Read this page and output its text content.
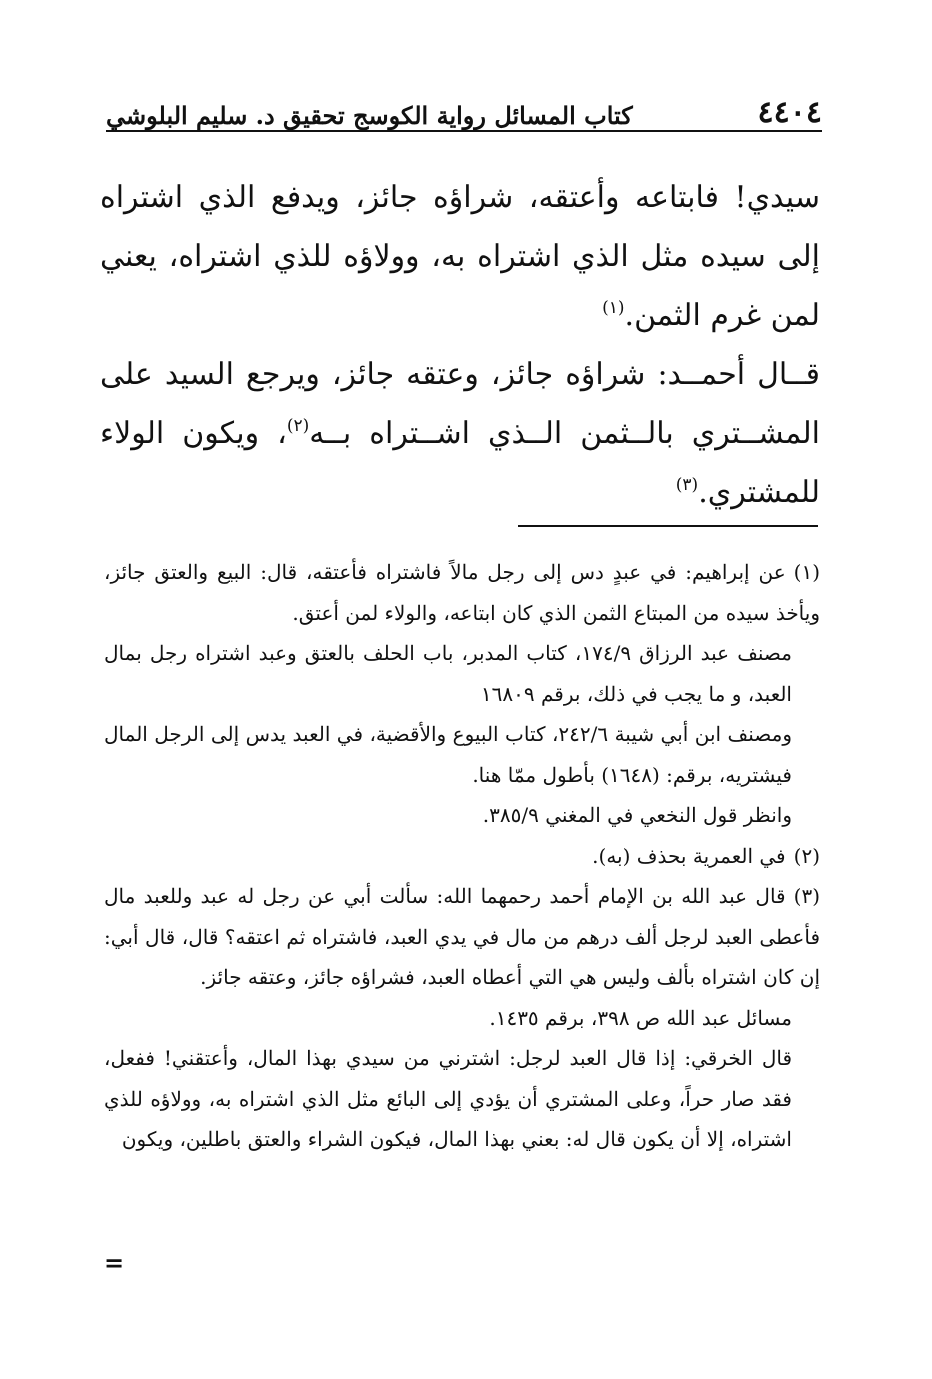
٤٤٠٤
كتاب المسائل رواية الكوسج تحقيق د. سليم البلوشي

سيدي! فابتاعه وأعتقه، شراؤه جائز، ويدفع الذي اشتراه إلى سيده مثل الذي اشتراه به، وولاؤه للذي اشتراه، يعني لمن غرم الثمن.$^{(١)}$

قــال أحمــد: شراؤه جائز، وعتقه جائز، ويرجع السيد على المشــتري بالــثمن الــذي اشــتراه بــه$^{(٢)}$، ويكون الولاء للمشتري.$^{(٣)}$

(١)عن إبراهيم: في عبدٍ دس إلى رجل مالاً فاشتراه فأعتقه، قال: البيع والعتق جائز، ويأخذ سيده من المبتاع الثمن الذي كان ابتاعه، والولاء لمن أعتق.

مصنف عبد الرزاق ١٧٤/٩، كتاب المدبر، باب الحلف بالعتق وعبد اشتراه رجل بمال العبد، و ما يجب في ذلك، برقم ١٦٨٠٩

ومصنف ابن أبي شيبة ٢٤٢/٦، كتاب البيوع والأقضية، في العبد يدس إلى الرجل المال فيشتريه، برقم: (١٦٤٨) بأطول ممّا هنا.

وانظر قول النخعي في المغني ٣٨٥/٩.

(٢)في العمرية بحذف (به).

(٣)قال عبد الله بن الإمام أحمد رحمهما الله: سألت أبي عن رجل له عبد وللعبد مال فأعطى العبد لرجل ألف درهم من مال في يدي العبد، فاشتراه ثم اعتقه؟ قال، قال أبي: إن كان اشتراه بألف وليس هي التي أعطاه العبد، فشراؤه جائز، وعتقه جائز.

مسائل عبد الله ص ٣٩٨، برقم ١٤٣٥.

قال الخرقي: إذا قال العبد لرجل: اشترني من سيدي بهذا المال، وأعتقني! ففعل، فقد صار حراً، وعلى المشتري أن يؤدي إلى البائع مثل الذي اشتراه به، وولاؤه للذي اشتراه، إلا أن يكون قال له: بعني بهذا المال، فيكون الشراء والعتق باطلين، ويكون

=
